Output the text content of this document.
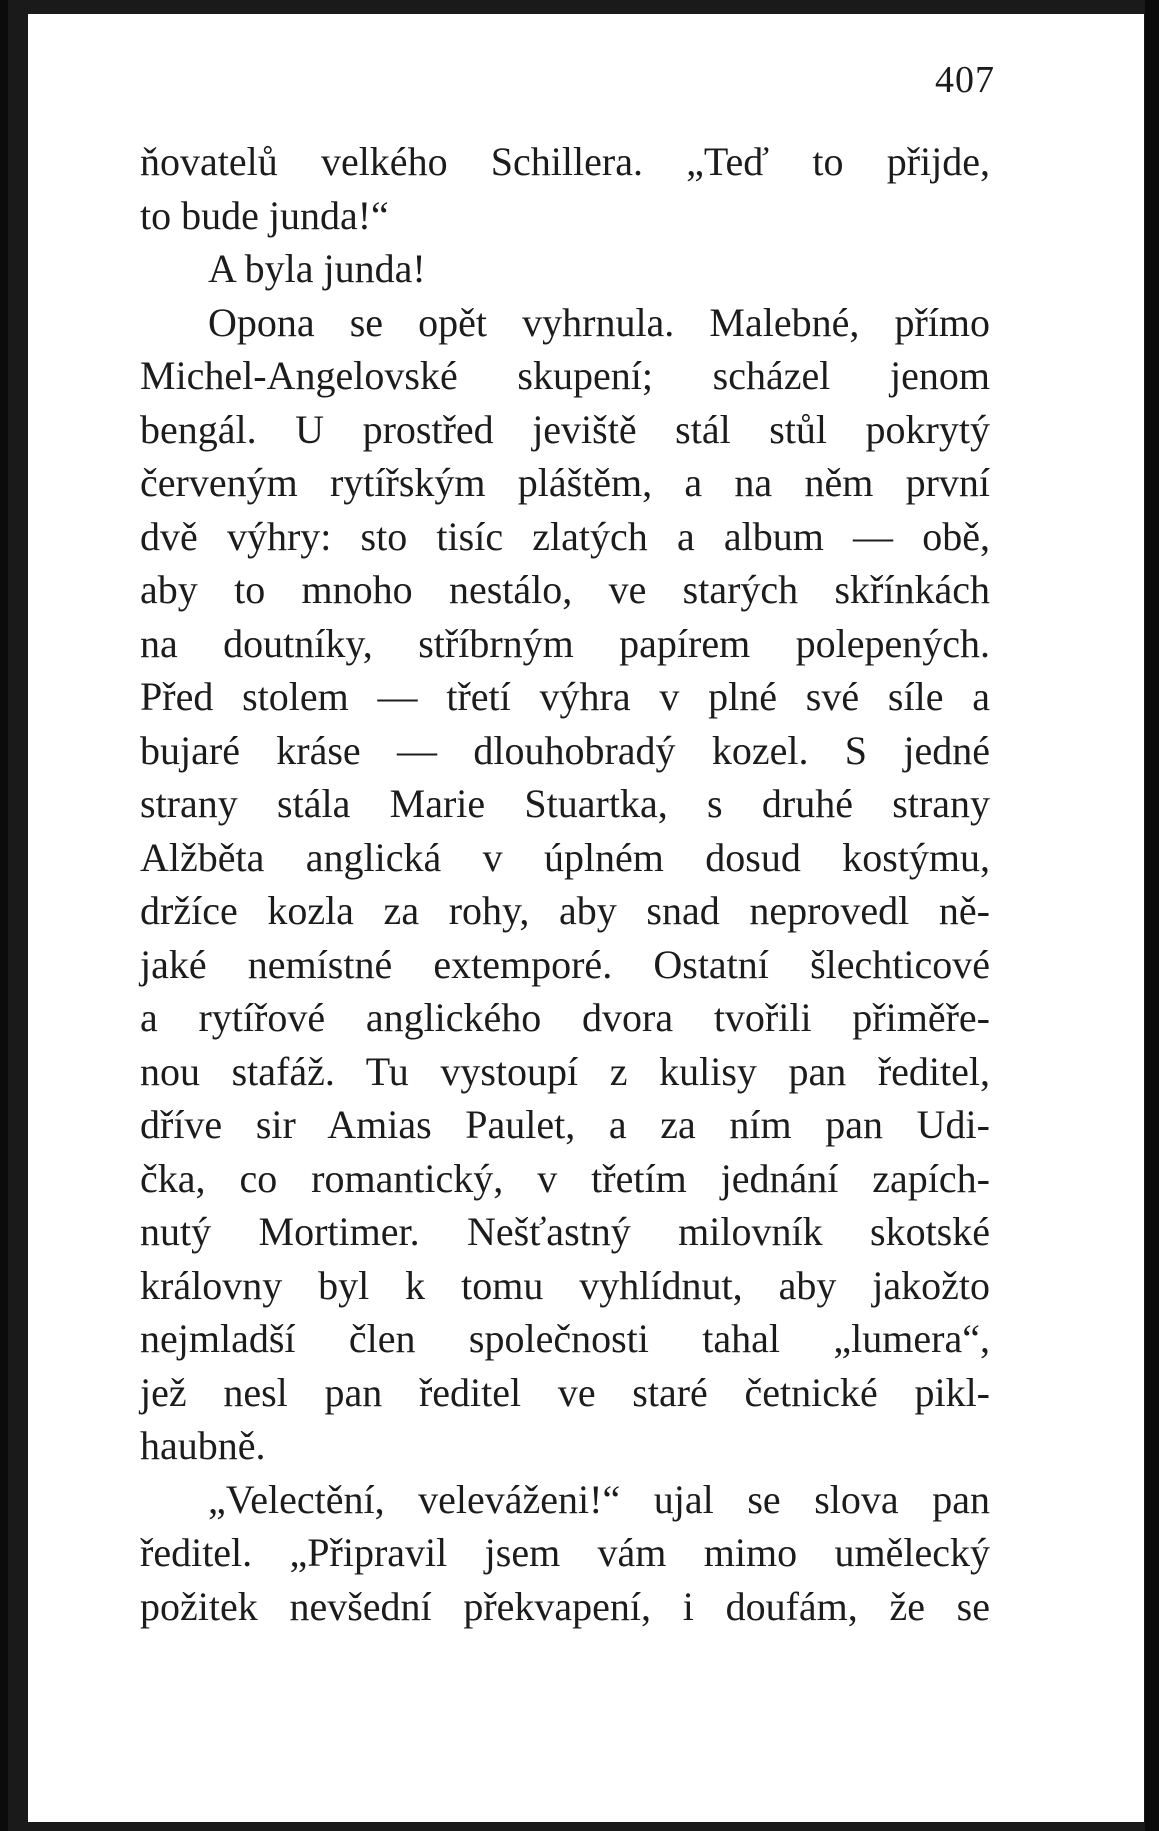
407
ňovatelů velkého Schillera. „Teď to přijde,
to bude junda!“
A byla junda!
Opona se opět vyhrnula. Malebné, přímo
Michel-Angelovské skupení; scházel jenom
bengál. U prostřed jeviště stál stůl pokrytý
červeným rytířským pláštěm, a na něm první
dvě výhry: sto tisíc zlatých a album — obě,
aby to mnoho nestálo, ve starých skřínkách
na doutníky, stříbrným papírem polepených.
Před stolem — třetí výhra v plné své síle a
bujaré kráse — dlouhobradý kozel. S jedné
strany stála Marie Stuartka, s druhé strany
Alžběta anglická v úplném dosud kostýmu,
držíce kozla za rohy, aby snad neprovedl ně-
jaké nemístné extemporé. Ostatní šlechticové
a rytířové anglického dvora tvořili přiměře-
nou stafáž. Tu vystoupí z kulisy pan ředitel,
dříve sir Amias Paulet, a za ním pan Udi-
čka, co romantický, v třetím jednání zapích-
nutý Mortimer. Nešťastný milovník skotské
královny byl k tomu vyhlídnut, aby jakožto
nejmladší člen společnosti tahal „lumera“,
jež nesl pan ředitel ve staré četnické pikl-
haubně.
„Velectění, veleváženi!“ ujal se slova pan
ředitel. „Připravil jsem vám mimo umělecký
požitek nevšední překvapení, i doufám, že se
